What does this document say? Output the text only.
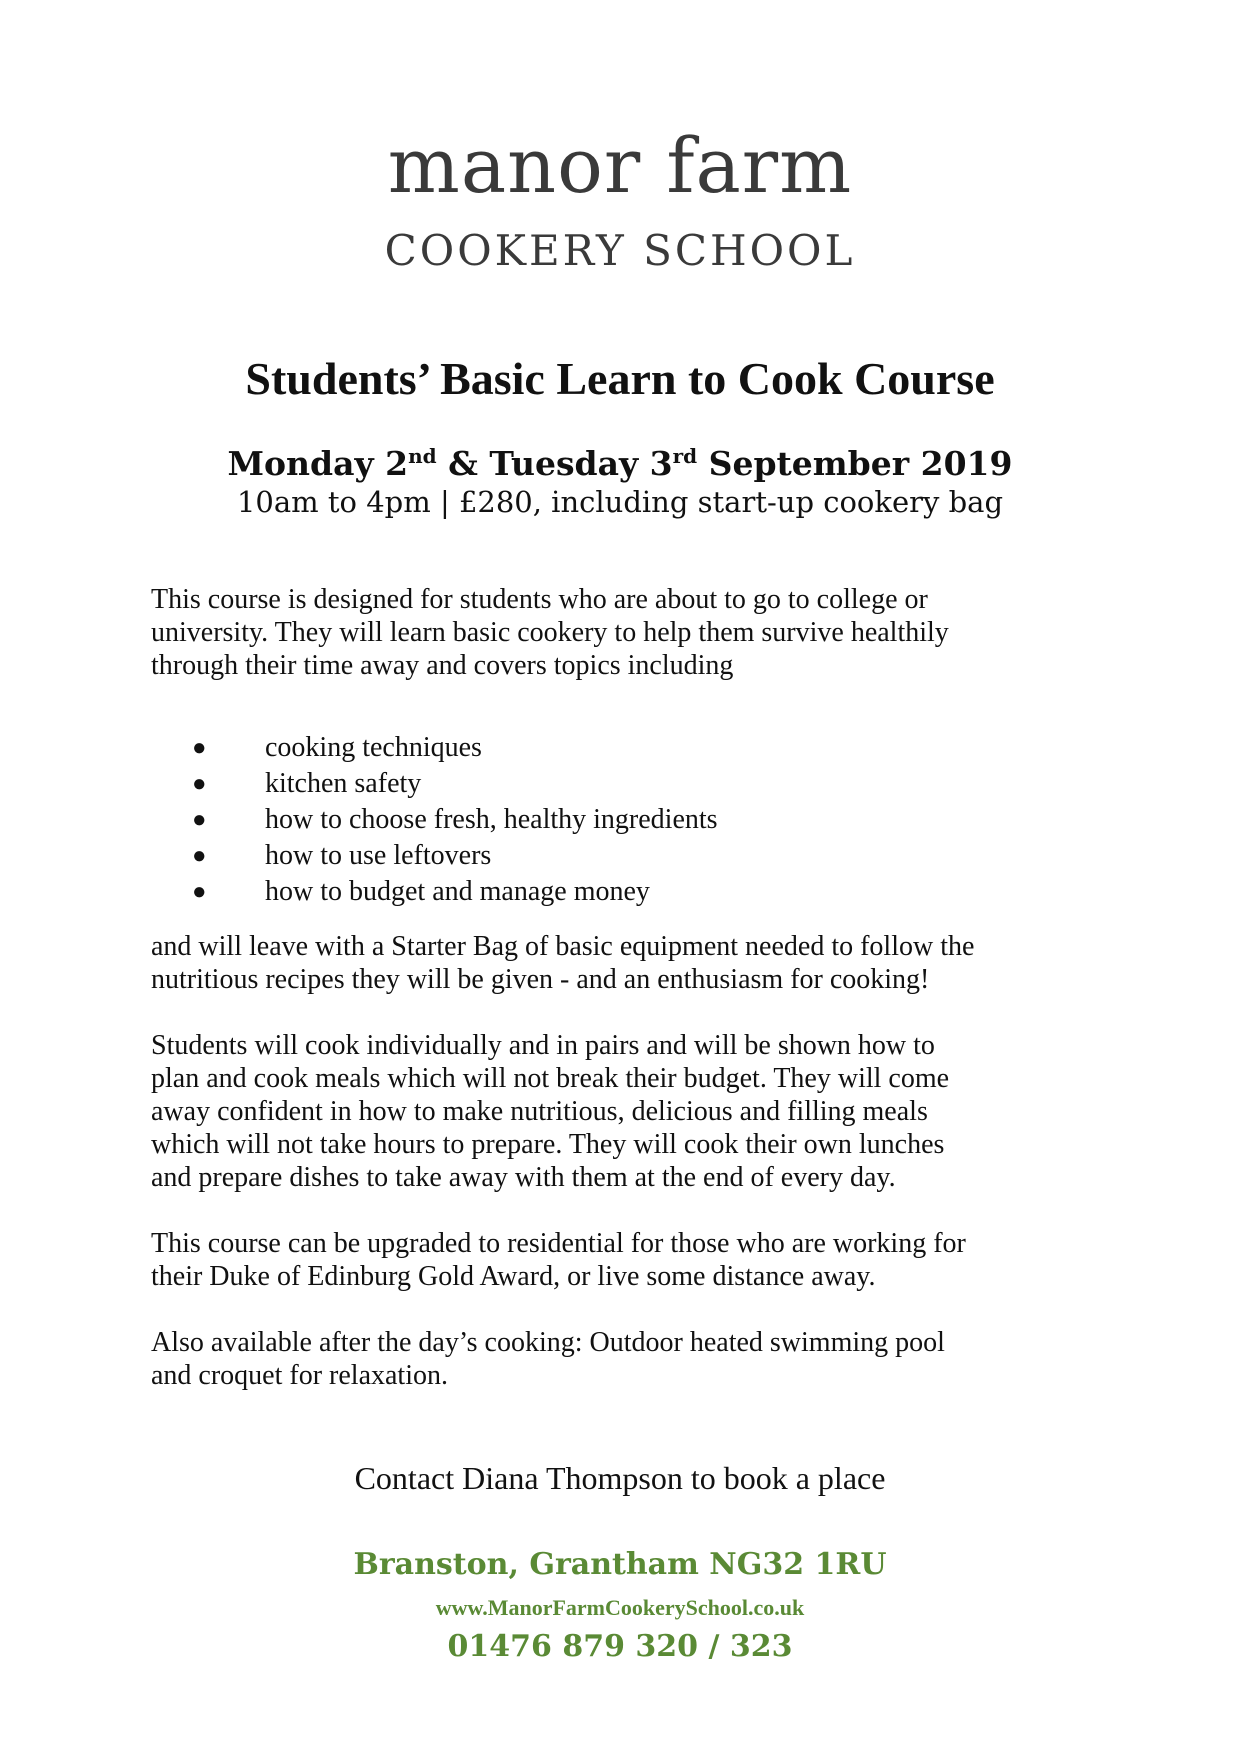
manor farm
COOKERY SCHOOL
Students’ Basic Learn to Cook Course
Monday 2nd & Tuesday 3rd September 2019
10am to 4pm | £280, including start-up cookery bag
This course is designed for students who are about to go to college or
university. They will learn basic cookery to help them survive healthily
through their time away and covers topics including
● cooking techniques
● kitchen safety
● how to choose fresh, healthy ingredients
● how to use leftovers
● how to budget and manage money
and will leave with a Starter Bag of basic equipment needed to follow the
nutritious recipes they will be given - and an enthusiasm for cooking!
Students will cook individually and in pairs and will be shown how to
plan and cook meals which will not break their budget. They will come
away confident in how to make nutritious, delicious and filling meals
which will not take hours to prepare. They will cook their own lunches
and prepare dishes to take away with them at the end of every day.
This course can be upgraded to residential for those who are working for
their Duke of Edinburg Gold Award, or live some distance away.
Also available after the day’s cooking: Outdoor heated swimming pool
and croquet for relaxation.
Contact Diana Thompson to book a place
Branston, Grantham NG32 1RU
www.ManorFarmCookerySchool.co.uk
01476 879 320 / 323
